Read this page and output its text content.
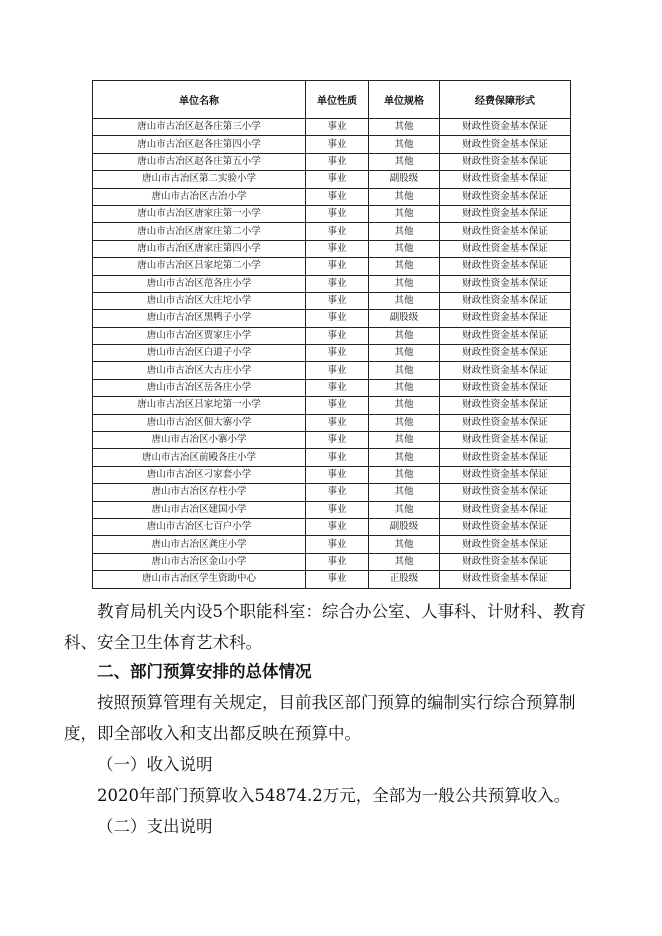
单位名称	单位性质	单位规格	经费保障形式
唐山市古冶区赵各庄第三小学	事业	其他	财政性资金基本保证
唐山市古冶区赵各庄第四小学	事业	其他	财政性资金基本保证
唐山市古冶区赵各庄第五小学	事业	其他	财政性资金基本保证
唐山市古冶区第二实验小学	事业	副股级	财政性资金基本保证
唐山市古冶区古冶小学	事业	其他	财政性资金基本保证
唐山市古冶区唐家庄第一小学	事业	其他	财政性资金基本保证
唐山市古冶区唐家庄第二小学	事业	其他	财政性资金基本保证
唐山市古冶区唐家庄第四小学	事业	其他	财政性资金基本保证
唐山市古冶区吕家坨第二小学	事业	其他	财政性资金基本保证
唐山市古冶区范各庄小学	事业	其他	财政性资金基本保证
唐山市古冶区大庄坨小学	事业	其他	财政性资金基本保证
唐山市古冶区黑鸭子小学	事业	副股级	财政性资金基本保证
唐山市古冶区贾家庄小学	事业	其他	财政性资金基本保证
唐山市古冶区白道子小学	事业	其他	财政性资金基本保证
唐山市古冶区大古庄小学	事业	其他	财政性资金基本保证
唐山市古冶区岳各庄小学	事业	其他	财政性资金基本保证
唐山市古冶区吕家坨第一小学	事业	其他	财政性资金基本保证
唐山市古冶区佃大寨小学	事业	其他	财政性资金基本保证
唐山市古冶区小寨小学	事业	其他	财政性资金基本保证
唐山市古冶区前殿各庄小学	事业	其他	财政性资金基本保证
唐山市古冶区刁家套小学	事业	其他	财政性资金基本保证
唐山市古冶区存柱小学	事业	其他	财政性资金基本保证
唐山市古冶区建国小学	事业	其他	财政性资金基本保证
唐山市古冶区七百户小学	事业	副股级	财政性资金基本保证
唐山市古冶区龚庄小学	事业	其他	财政性资金基本保证
唐山市古冶区金山小学	事业	其他	财政性资金基本保证
唐山市古冶区学生资助中心	事业	正股级	财政性资金基本保证

教育局机关内设5个职能科室：综合办公室、人事科、计财科、教育科、安全卫生体育艺术科。

二、部门预算安排的总体情况

按照预算管理有关规定，目前我区部门预算的编制实行综合预算制度，即全部收入和支出都反映在预算中。

（一）收入说明

2020年部门预算收入54874.2万元，全部为一般公共预算收入。

（二）支出说明
